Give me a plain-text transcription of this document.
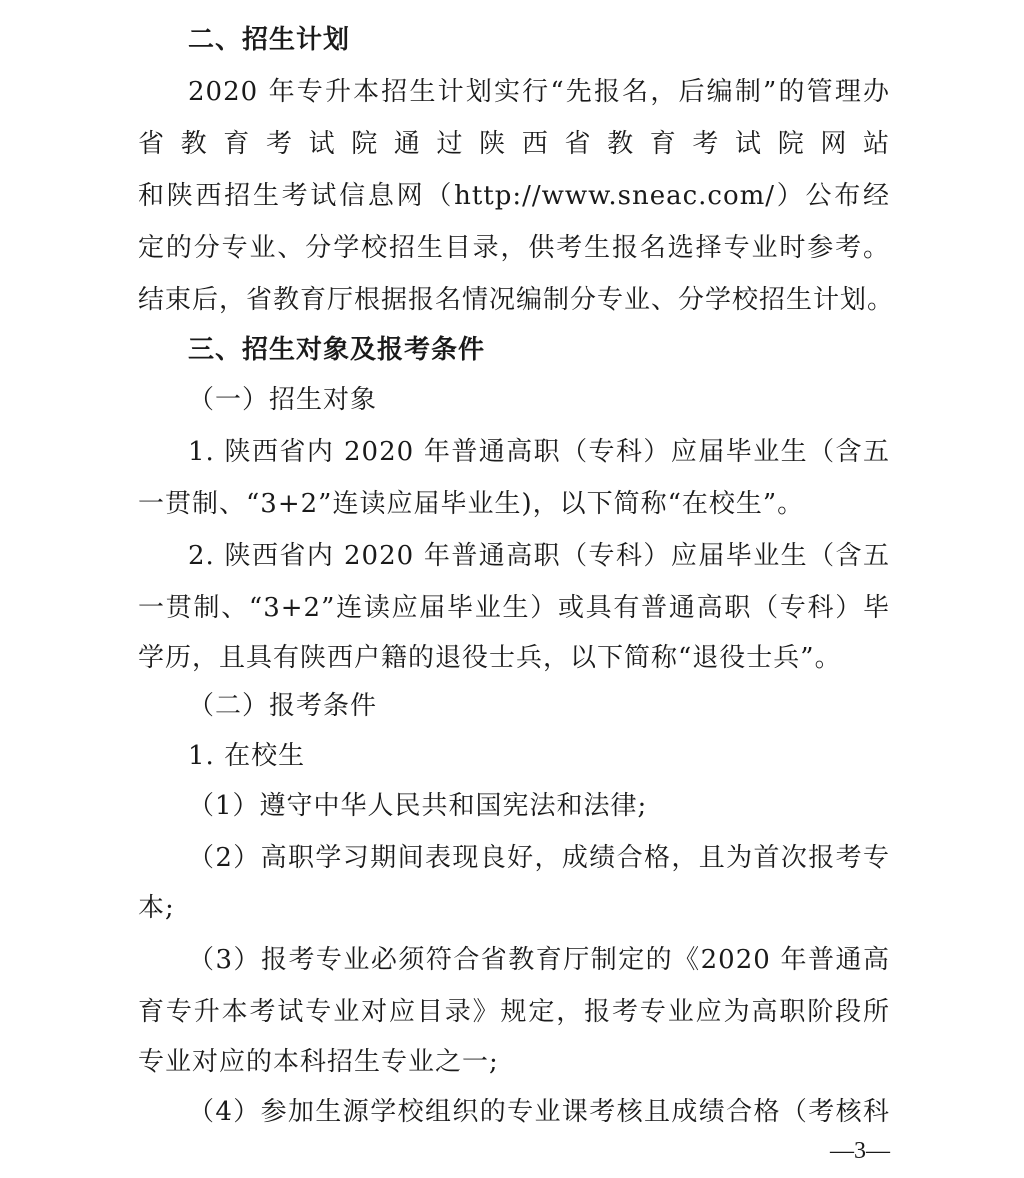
二、招生计划
2020 年专升本招生计划实行“先报名，后编制”的管理办
省教育考试院通过陕西省教育考试院网站
和陕西招生考试信息网（http://www.sneac.com/）公布经
定的分专业、分学校招生目录，供考生报名选择专业时参考。
结束后，省教育厅根据报名情况编制分专业、分学校招生计划。
三、招生对象及报考条件
（一）招生对象
1. 陕西省内 2020 年普通高职（专科）应届毕业生（含五
一贯制、“3+2”连读应届毕业生)，以下简称“在校生”。
2. 陕西省内 2020 年普通高职（专科）应届毕业生（含五
一贯制、“3+2”连读应届毕业生）或具有普通高职（专科）毕
学历，且具有陕西户籍的退役士兵，以下简称“退役士兵”。
（二）报考条件
1. 在校生
（1）遵守中华人民共和国宪法和法律;
（2）高职学习期间表现良好，成绩合格，且为首次报考专
本;
（3）报考专业必须符合省教育厅制定的《2020 年普通高
育专升本考试专业对应目录》规定，报考专业应为高职阶段所
专业对应的本科招生专业之一;
（4）参加生源学校组织的专业课考核且成绩合格（考核科
—3—
